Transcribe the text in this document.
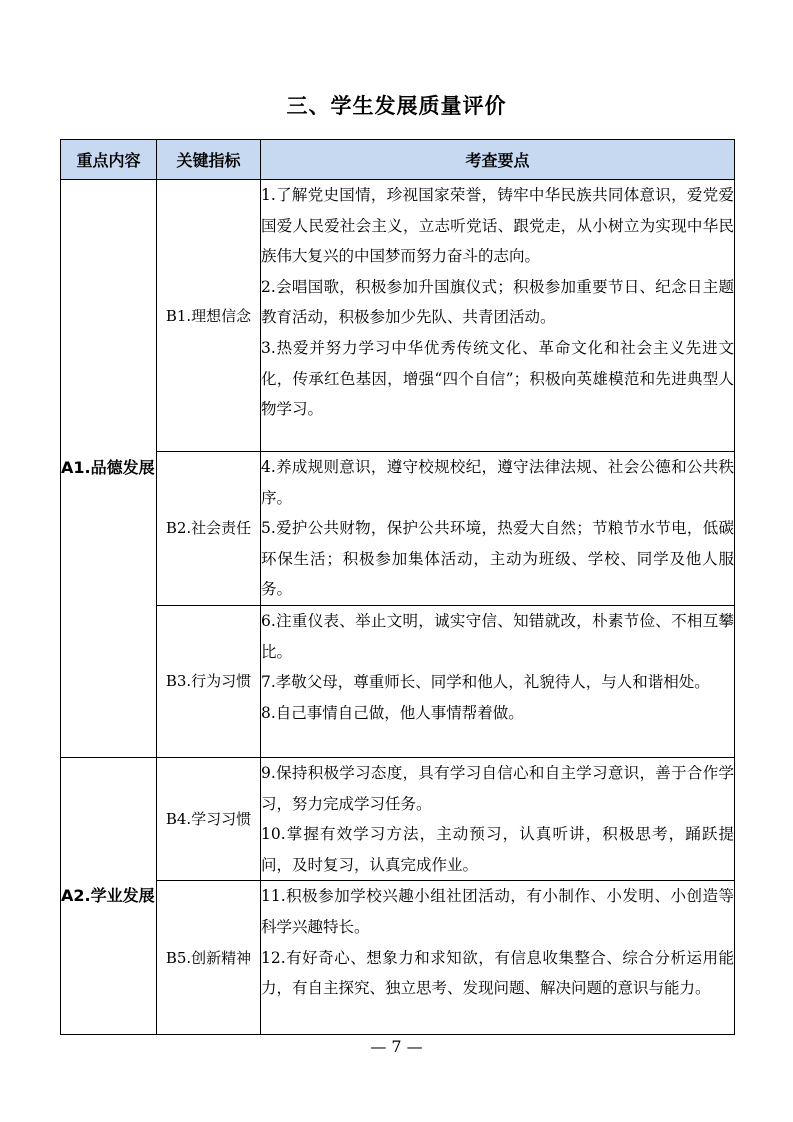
三、学生发展质量评价
重点内容	关键指标	考查要点
A1.品德发展	B1.理想信念	1.了解党史国情，珍视国家荣誉，铸牢中华民族共同体意识，爱党爱国爱人民爱社会主义，立志听党话、跟党走，从小树立为实现中华民族伟大复兴的中国梦而努力奋斗的志向。

2.会唱国歌，积极参加升国旗仪式；积极参加重要节日、纪念日主题教育活动，积极参加少先队、共青团活动。

3.热爱并努力学习中华优秀传统文化、革命文化和社会主义先进文化，传承红色基因，增强“四个自信”；积极向英雄模范和先进典型人物学习。

	B2.社会责任	4.养成规则意识，遵守校规校纪，遵守法律法规、社会公德和公共秩序。

5.爱护公共财物，保护公共环境，热爱大自然；节粮节水节电，低碳环保生活；积极参加集体活动，主动为班级、学校、同学及他人服务。

	B3.行为习惯	6.注重仪表、举止文明，诚实守信、知错就改，朴素节俭、不相互攀比。

7.孝敬父母，尊重师长、同学和他人，礼貌待人，与人和谐相处。

8.自己事情自己做，他人事情帮着做。

A2.学业发展	B4.学习习惯	9.保持积极学习态度，具有学习自信心和自主学习意识，善于合作学习，努力完成学习任务。

10.掌握有效学习方法，主动预习，认真听讲，积极思考，踊跃提问，及时复习，认真完成作业。

	B5.创新精神	11.积极参加学校兴趣小组社团活动，有小制作、小发明、小创造等科学兴趣特长。

12.有好奇心、想象力和求知欲，有信息收集整合、综合分析运用能力，有自主探究、独立思考、发现问题、解决问题的意识与能力。

— 7 —
